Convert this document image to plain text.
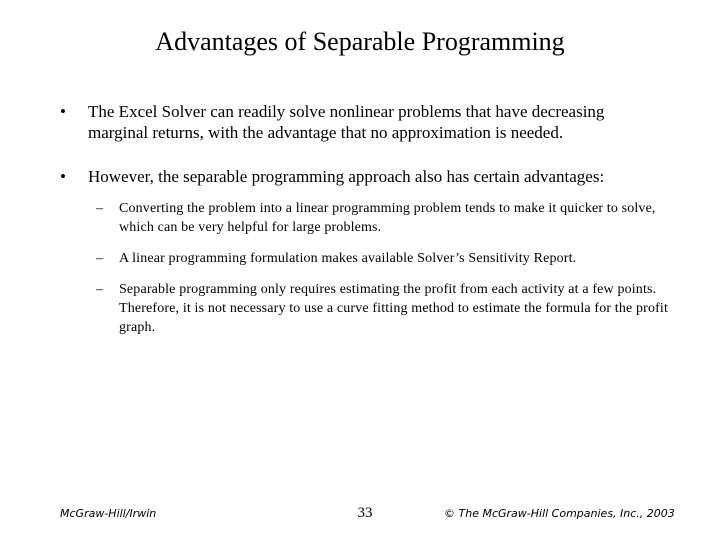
Advantages of Separable Programming
•	The Excel Solver can readily solve nonlinear problems that have decreasing marginal returns, with the advantage that no approximation is needed.
•	However, the separable programming approach also has certain advantages:
–	Converting the problem into a linear programming problem tends to make it quicker to solve, which can be very helpful for large problems.
–	A linear programming formulation makes available Solver’s Sensitivity Report.
–	Separable programming only requires estimating the profit from each activity at a few points. Therefore, it is not necessary to use a curve fitting method to estimate the formula for the profit graph.
McGraw-Hill/Irwin	33	© The McGraw-Hill Companies, Inc., 2003
